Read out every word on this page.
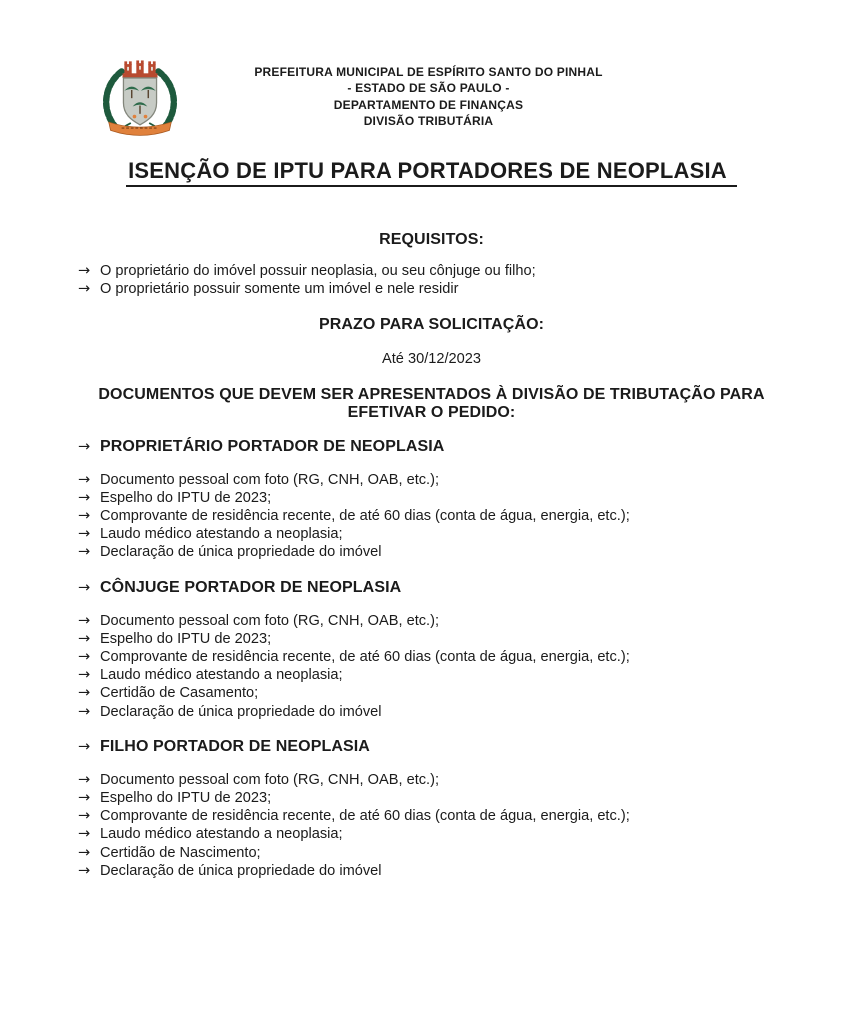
PREFEITURA MUNICIPAL DE ESPÍRITO SANTO DO PINHAL
- ESTADO DE SÃO PAULO -
DEPARTAMENTO DE FINANÇAS
DIVISÃO TRIBUTÁRIA
ISENÇÃO DE IPTU PARA PORTADORES DE NEOPLASIA
REQUISITOS:
→ O proprietário do imóvel possuir neoplasia, ou seu cônjuge ou filho;
→ O proprietário possuir somente um imóvel e nele residir
PRAZO PARA SOLICITAÇÃO:
Até 30/12/2023
DOCUMENTOS QUE DEVEM SER APRESENTADOS À DIVISÃO DE TRIBUTAÇÃO PARA EFETIVAR O PEDIDO:
→ PROPRIETÁRIO PORTADOR DE NEOPLASIA
→ Documento pessoal com foto (RG, CNH, OAB, etc.);
→ Espelho do IPTU de 2023;
→ Comprovante de residência recente, de até 60 dias (conta de água, energia, etc.);
→ Laudo médico atestando a neoplasia;
→ Declaração de única propriedade do imóvel
→ CÔNJUGE PORTADOR DE NEOPLASIA
→ Documento pessoal com foto (RG, CNH, OAB, etc.);
→ Espelho do IPTU de 2023;
→ Comprovante de residência recente, de até 60 dias (conta de água, energia, etc.);
→ Laudo médico atestando a neoplasia;
→ Certidão de Casamento;
→ Declaração de única propriedade do imóvel
→ FILHO PORTADOR DE NEOPLASIA
→ Documento pessoal com foto (RG, CNH, OAB, etc.);
→ Espelho do IPTU de 2023;
→ Comprovante de residência recente, de até 60 dias (conta de água, energia, etc.);
→ Laudo médico atestando a neoplasia;
→ Certidão de Nascimento;
→ Declaração de única propriedade do imóvel
